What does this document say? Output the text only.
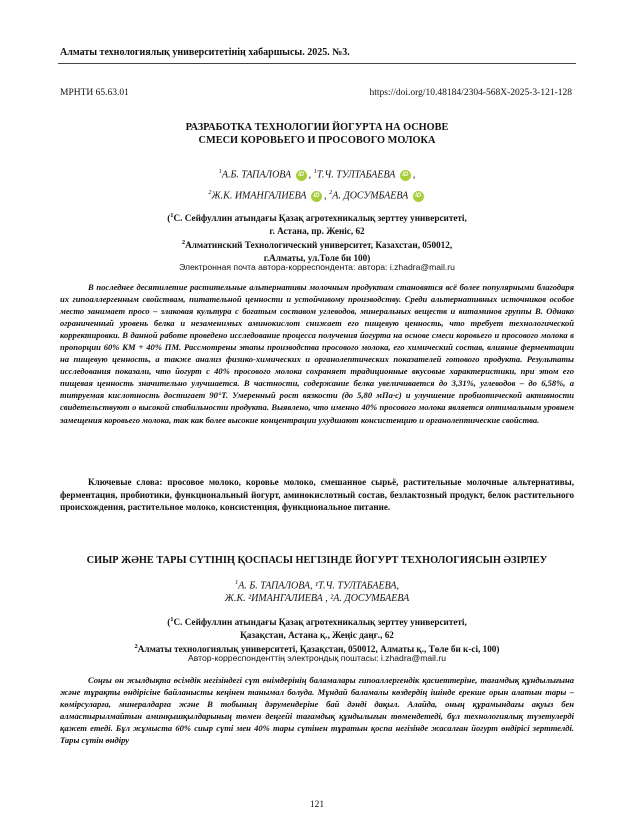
Алматы технологиялық университетінің хабаршысы. 2025. №3.
МРНТИ 65.63.01	https://doi.org/10.48184/2304-568X-2025-3-121-128
РАЗРАБОТКА ТЕХНОЛОГИИ ЙОГУРТА НА ОСНОВЕ
СМЕСИ КОРОВЬЕГО И ПРОСОВОГО МОЛОКА
$^1$А.Б. ТАПАЛОВА iD , $^1$Т.Ч. ТУЛТАБАЕВА iD ,
$^2$Ж.К. ИМАНГАЛИЕВА iD , $^2$А. ДОСУМБАЕВА iD
($^1$С. Сейфуллин атындағы Қазақ агротехникалық зерттеу университеті,
г. Астана, пр. Женіс, 62
$^2$Алматинский Технологический университет, Казахстан, 050012,
г.Алматы, ул.Толе би 100)
Электронная почта автора-корреспондента: автора: i.zhadra@mail.ru
В последнее десятилетие растительные альтернативы молочным продуктам становятся всё более популярными благодаря их гипоаллергенным свойствам, питательной ценности и устойчивому производству. Среди альтернативных источников особое место занимает просо – злаковая культура с богатым составом углеводов, минеральных веществ и витаминов группы В. Однако ограниченный уровень белка и незаменимых аминокислот снижает его пищевую ценность, что требует технологической корректировки. В данной работе проведено исследование процесса получения йогурта на основе смеси коровьего и просового молока в пропорции 60% КМ + 40% ПМ. Рассмотрены этапы производства просового молока, его химический состав, влияние ферментации на пищевую ценность, а также анализ физико-химических и органолептических показателей готового продукта. Результаты исследования показали, что йогурт с 40% просового молока сохраняет традиционные вкусовые характеристики, при этом его пищевая ценность значительно улучшается. В частности, содержание белка увеличивается до 3,31%, углеводов – до 6,58%, а титруемая кислотность достигает 90°Т. Умеренный рост вязкости (до 5,80 мПа·с) и улучшение пробиотической активности свидетельствуют о высокой стабильности продукта. Выявлено, что именно 40% просового молока является оптимальным уровнем замещения коровьего молока, так как более высокие концентрации ухудшают консистенцию и органолептические свойства.
Ключевые слова: просовое молоко, коровье молоко, смешанное сырьё, растительные молочные альтернативы, ферментация, пробиотики, функциональный йогурт, аминокислотный состав, безлактозный продукт, белок растительного происхождения, растительное молоко, консистенция, функциональное питание.
СИЫР ЖӘНЕ ТАРЫ СҮТІНІҢ ҚОСПАСЫ НЕГІЗІНДЕ ЙОГУРТ ТЕХНОЛОГИЯСЫН ӘЗІРЛЕУ
$^1$А. Б. ТАПАЛОВА, ¹Т.Ч. ТУЛТАБАЕВА,
Ж.К. ²ИМАНГАЛИЕВА , ²А. ДОСУМБАЕВА
($^1$С. Сейфуллин атындағы Қазақ агротехникалық зерттеу университеті,
Қазақстан, Астана қ., Жеңіс даңғ., 62
$^2$Алматы технологиялық университеті, Қазақстан, 050012, Алматы қ., Төле би к-сі, 100)
Автор-корреспонденттің электрондық поштасы: i.zhadra@mail.ru
Соңғы он жылдықта өсімдік негізіндегі сүт өнімдерінің баламалары гипоаллергендік қасиеттеріне, тағамдық құндылығына және тұрақты өндірісіне байланысты кеңінен танымал болуда. Мұндай баламалы көздердің ішінде ерекше орын алатын тары – көмірсуларға, минералдарға және В тобының дәрумендеріне бай дәнді дақыл. Алайда, оның құрамындағы ақуыз бен алмастырылмайтын аминқышқылдарының төмен деңгейі тағамдық құндылығын төмендетеді, бұл технологиялық түзетулерді қажет етеді. Бұл жұмыста 60% сиыр сүті мен 40% тары сүтінен тұратын қоспа негізінде жасалған йогурт өндірісі зерттелді. Тары сүтін өндіру
121
